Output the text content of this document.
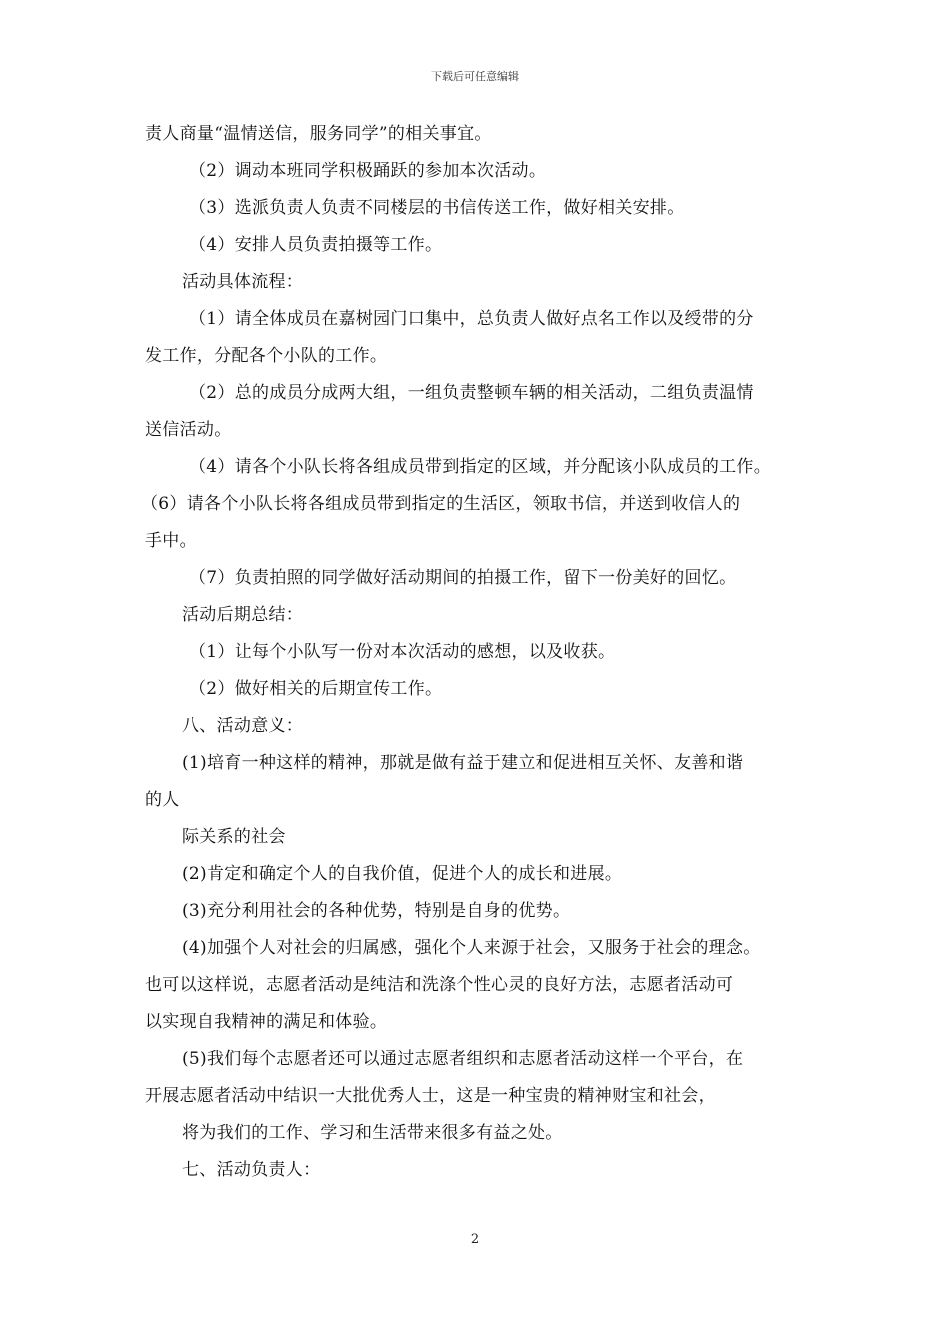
下载后可任意编辑
责人商量“温情送信，服务同学”的相关事宜。
（2）调动本班同学积极踊跃的参加本次活动。
（3）选派负责人负责不同楼层的书信传送工作，做好相关安排。
（4）安排人员负责拍摄等工作。
活动具体流程：
（1）请全体成员在嘉树园门口集中，总负责人做好点名工作以及绶带的分
发工作，分配各个小队的工作。
（2）总的成员分成两大组，一组负责整顿车辆的相关活动，二组负责温情
送信活动。
（4）请各个小队长将各组成员带到指定的区域，并分配该小队成员的工作。
（6）请各个小队长将各组成员带到指定的生活区，领取书信，并送到收信人的
手中。
（7）负责拍照的同学做好活动期间的拍摄工作，留下一份美好的回忆。
活动后期总结：
（1）让每个小队写一份对本次活动的感想，以及收获。
（2）做好相关的后期宣传工作。
八、活动意义：
(1)培育一种这样的精神，那就是做有益于建立和促进相互关怀、友善和谐
的人
际关系的社会
(2)肯定和确定个人的自我价值，促进个人的成长和进展。
(3)充分利用社会的各种优势，特别是自身的优势。
(4)加强个人对社会的归属感，强化个人来源于社会，又服务于社会的理念。
也可以这样说，志愿者活动是纯洁和洗涤个性心灵的良好方法，志愿者活动可
以实现自我精神的满足和体验。
(5)我们每个志愿者还可以通过志愿者组织和志愿者活动这样一个平台，在
开展志愿者活动中结识一大批优秀人士，这是一种宝贵的精神财宝和社会，
将为我们的工作、学习和生活带来很多有益之处。
七、活动负责人：
2
